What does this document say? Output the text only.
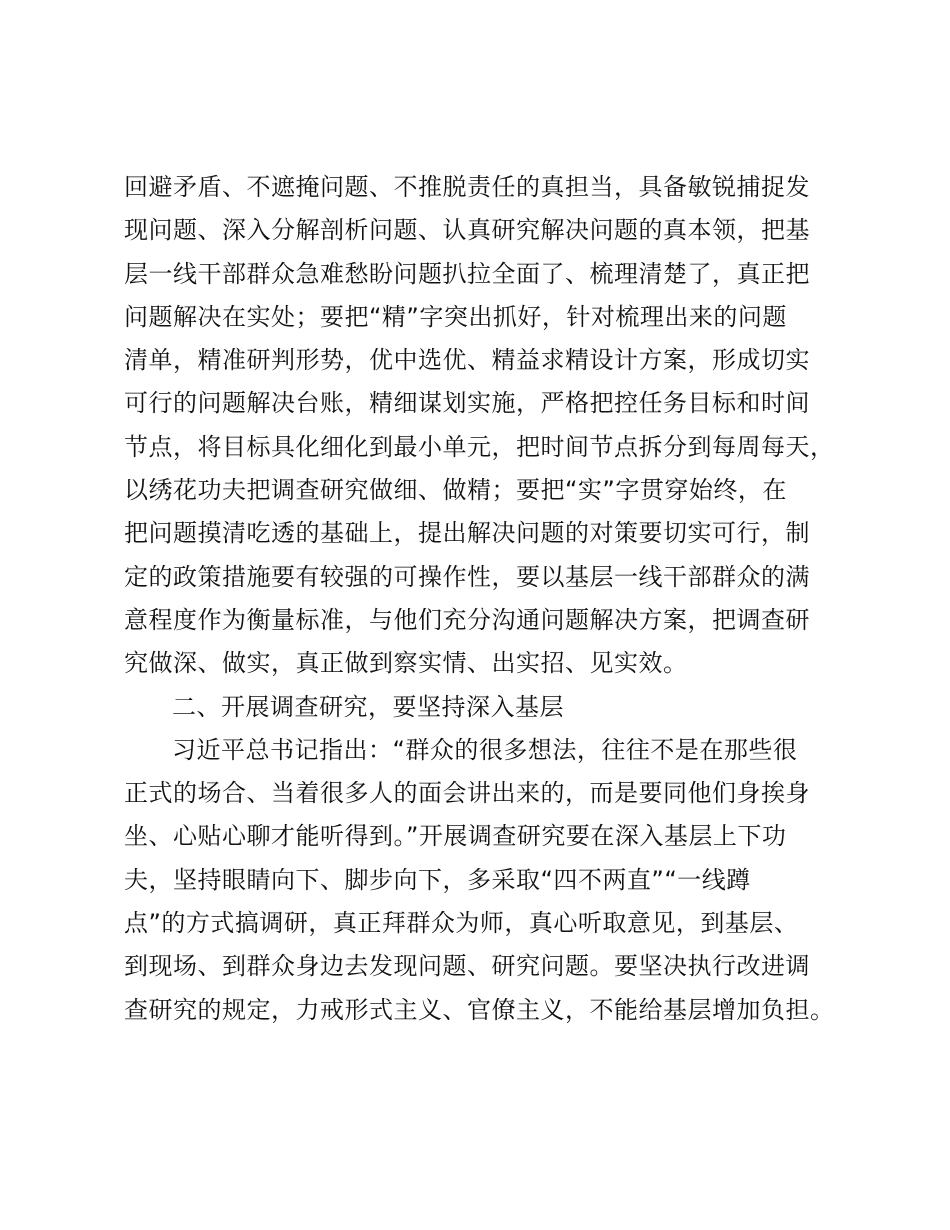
回避矛盾、不遮掩问题、不推脱责任的真担当，具备敏锐捕捉发
现问题、深入分解剖析问题、认真研究解决问题的真本领，把基
层一线干部群众急难愁盼问题扒拉全面了、梳理清楚了，真正把
问题解决在实处；要把“精”字突出抓好，针对梳理出来的问题
清单，精准研判形势，优中选优、精益求精设计方案，形成切实
可行的问题解决台账，精细谋划实施，严格把控任务目标和时间
节点，将目标具化细化到最小单元，把时间节点拆分到每周每天，
以绣花功夫把调查研究做细、做精；要把“实”字贯穿始终，在
把问题摸清吃透的基础上，提出解决问题的对策要切实可行，制
定的政策措施要有较强的可操作性，要以基层一线干部群众的满
意程度作为衡量标准，与他们充分沟通问题解决方案，把调查研
究做深、做实，真正做到察实情、出实招、见实效。
二、开展调查研究，要坚持深入基层
习近平总书记指出：“群众的很多想法，往往不是在那些很
正式的场合、当着很多人的面会讲出来的，而是要同他们身挨身
坐、心贴心聊才能听得到。”开展调查研究要在深入基层上下功
夫，坚持眼睛向下、脚步向下，多采取“四不两直”“一线蹲
点”的方式搞调研，真正拜群众为师，真心听取意见，到基层、
到现场、到群众身边去发现问题、研究问题。要坚决执行改进调
查研究的规定，力戒形式主义、官僚主义，不能给基层增加负担。
